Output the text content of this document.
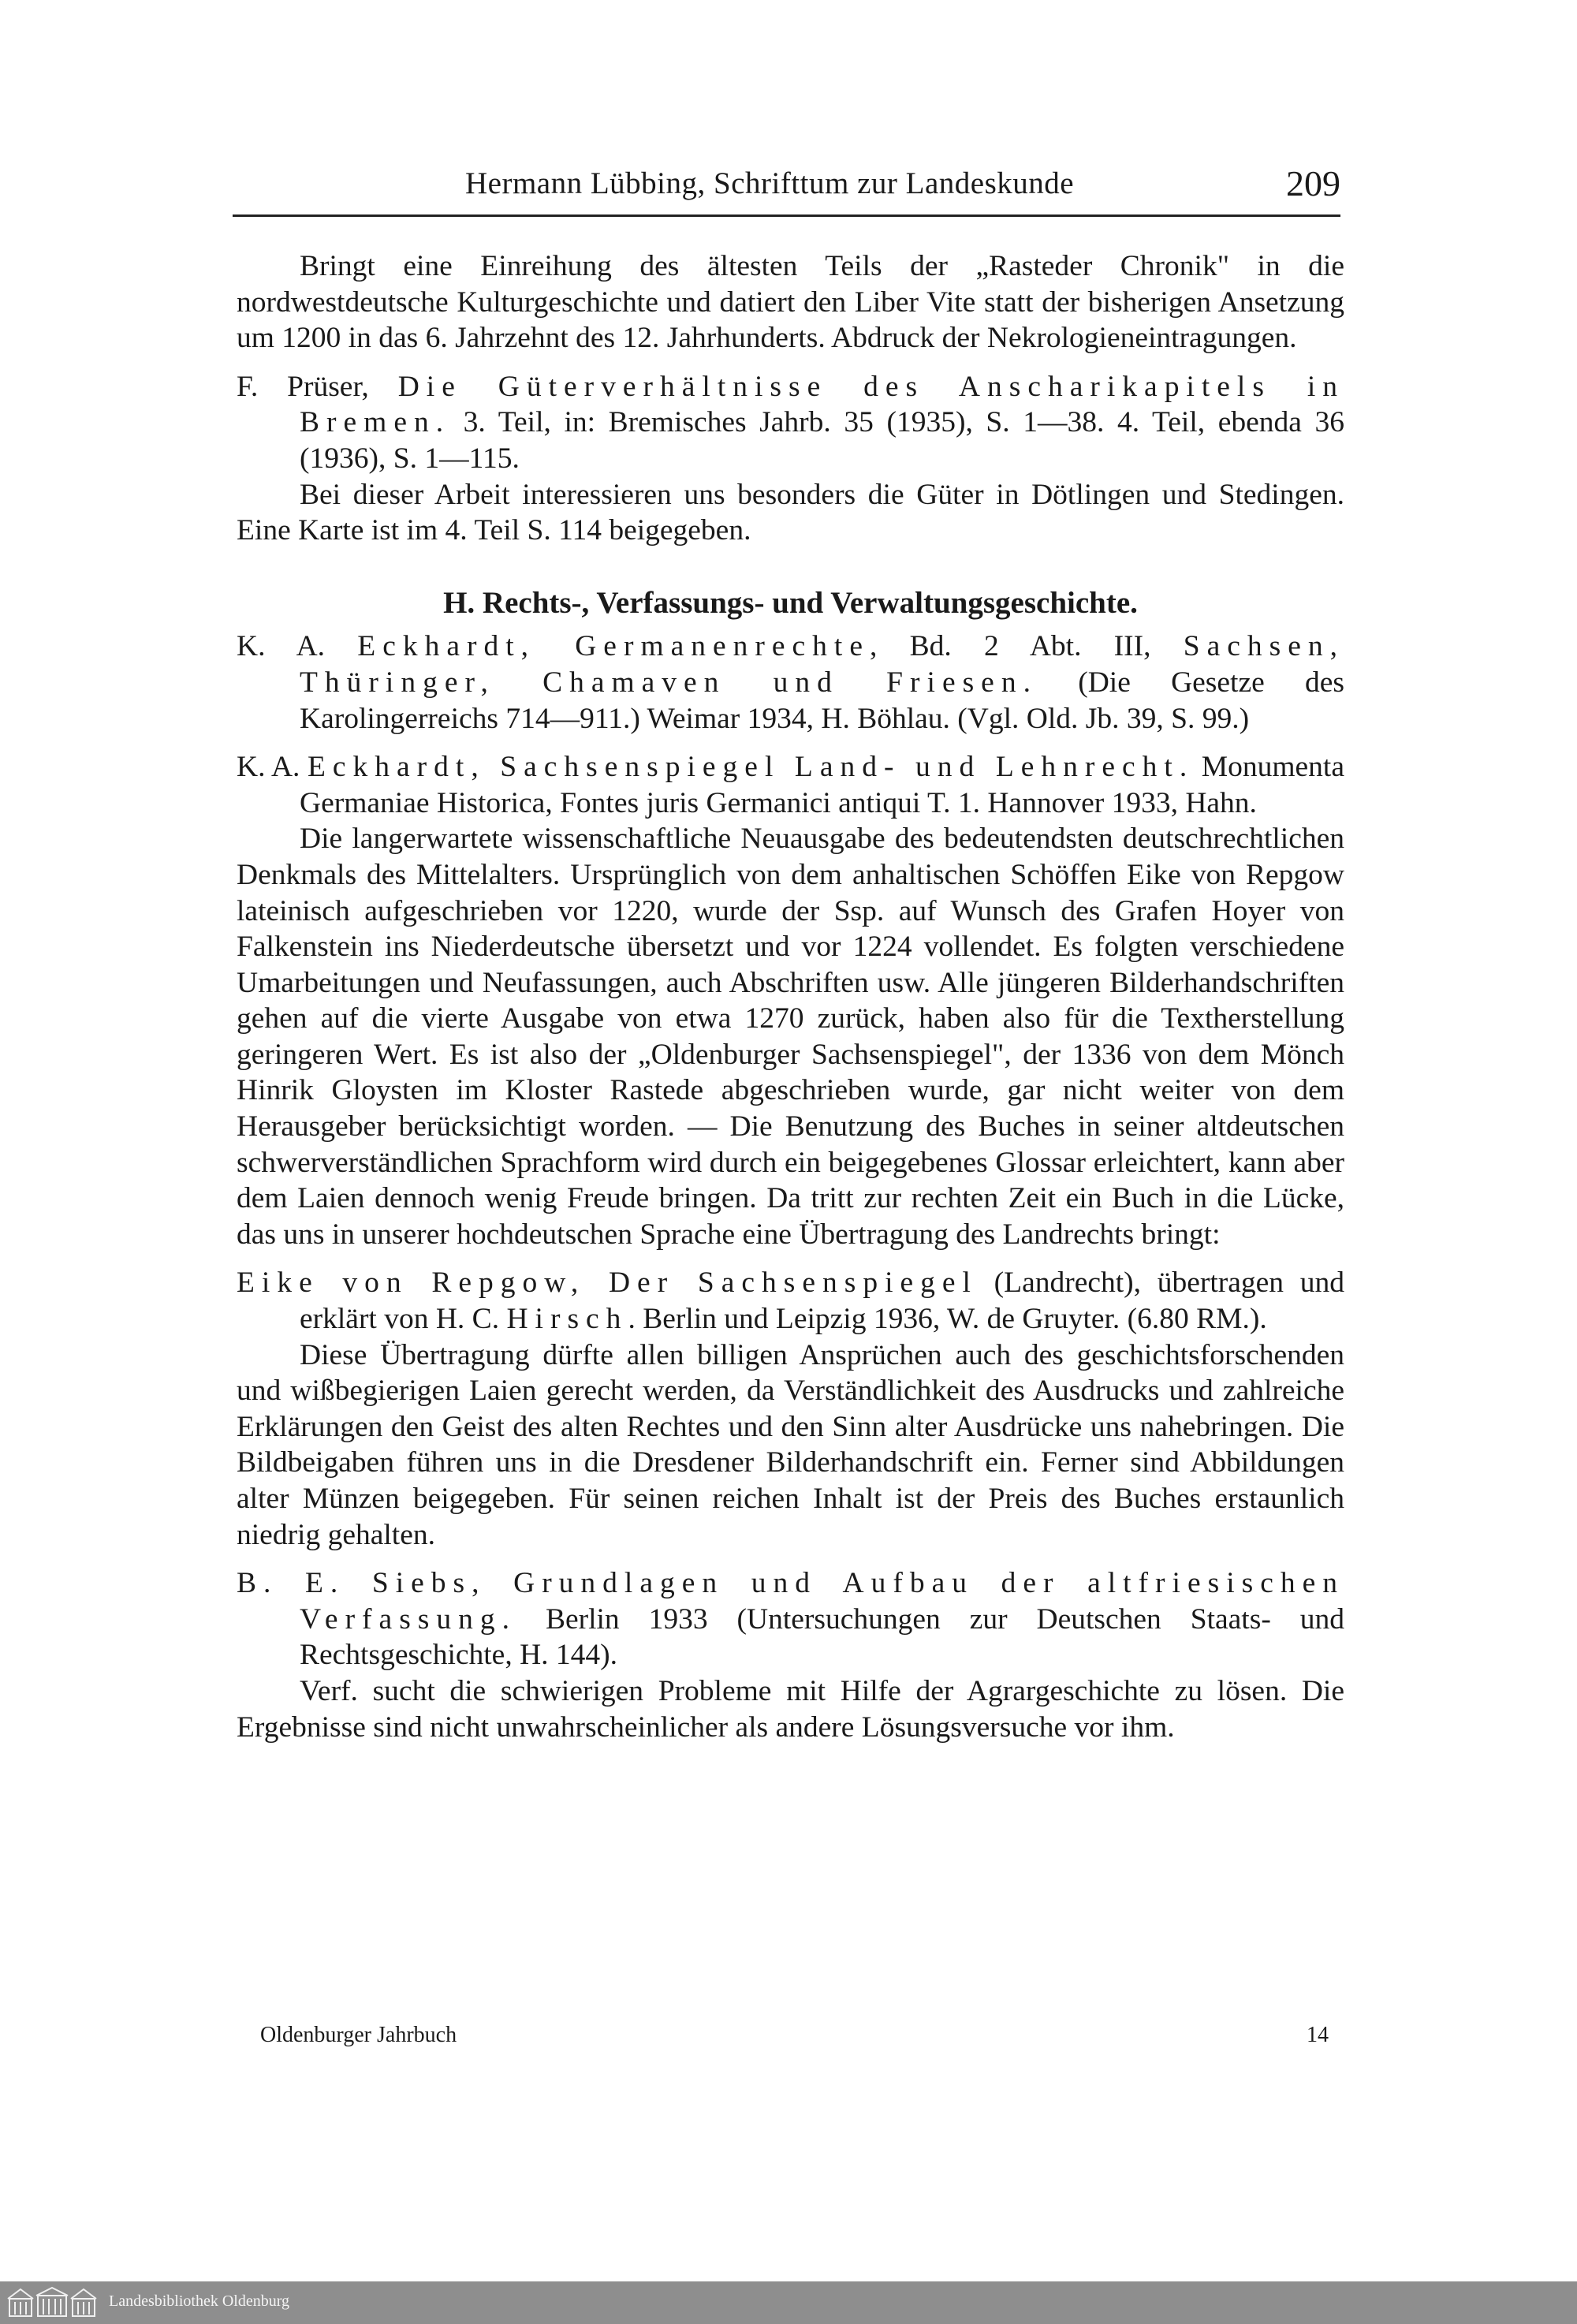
Hermann Lübbing, Schrifttum zur Landeskunde	209

Bringt eine Einreihung des ältesten Teils der „Rasteder Chronik" in die nordwestdeutsche Kulturgeschichte und datiert den Liber Vite statt der bisherigen Ansetzung um 1200 in das 6. Jahrzehnt des 12. Jahrhunderts. Abdruck der Nekrologieneintragungen.

F. Prüser, Die Güterverhältnisse des Anscharikapitels in Bremen. 3. Teil, in: Bremisches Jahrb. 35 (1935), S. 1—38. 4. Teil, ebenda 36 (1936), S. 1—115.

Bei dieser Arbeit interessieren uns besonders die Güter in Dötlingen und Stedingen. Eine Karte ist im 4. Teil S. 114 beigegeben.

H. Rechts-, Verfassungs- und Verwaltungsgeschichte.

K. A. Eckhardt, Germanenrechte, Bd. 2 Abt. III, Sachsen, Thüringer, Chamaven und Friesen. (Die Gesetze des Karolingerreichs 714—911.) Weimar 1934, H. Böhlau. (Vgl. Old. Jb. 39, S. 99.)

K. A. Eckhardt, Sachsenspiegel Land- und Lehnrecht. Monumenta Germaniae Historica, Fontes juris Germanici antiqui T. 1. Hannover 1933, Hahn.

Die langerwartete wissenschaftliche Neuausgabe des bedeutendsten deutschrechtlichen Denkmals des Mittelalters. Ursprünglich von dem anhaltischen Schöffen Eike von Repgow lateinisch aufgeschrieben vor 1220, wurde der Ssp. auf Wunsch des Grafen Hoyer von Falkenstein ins Niederdeutsche übersetzt und vor 1224 vollendet. Es folgten verschiedene Umarbeitungen und Neufassungen, auch Abschriften usw. Alle jüngeren Bilderhandschriften gehen auf die vierte Ausgabe von etwa 1270 zurück, haben also für die Textherstellung geringeren Wert. Es ist also der „Oldenburger Sachsenspiegel", der 1336 von dem Mönch Hinrik Gloysten im Kloster Rastede abgeschrieben wurde, gar nicht weiter von dem Herausgeber berücksichtigt worden. — Die Benutzung des Buches in seiner altdeutschen schwerverständlichen Sprachform wird durch ein beigegebenes Glossar erleichtert, kann aber dem Laien dennoch wenig Freude bringen. Da tritt zur rechten Zeit ein Buch in die Lücke, das uns in unserer hochdeutschen Sprache eine Übertragung des Landrechts bringt:

Eike von Repgow, Der Sachsenspiegel (Landrecht), übertragen und erklärt von H. C. Hirsch. Berlin und Leipzig 1936, W. de Gruyter. (6.80 RM.).

Diese Übertragung dürfte allen billigen Ansprüchen auch des geschichtsforschenden und wißbegierigen Laien gerecht werden, da Verständlichkeit des Ausdrucks und zahlreiche Erklärungen den Geist des alten Rechtes und den Sinn alter Ausdrücke uns nahebringen. Die Bildbeigaben führen uns in die Dresdener Bilderhandschrift ein. Ferner sind Abbildungen alter Münzen beigegeben. Für seinen reichen Inhalt ist der Preis des Buches erstaunlich niedrig gehalten.

B. E. Siebs, Grundlagen und Aufbau der altfriesischen Verfassung. Berlin 1933 (Untersuchungen zur Deutschen Staats- und Rechtsgeschichte, H. 144).

Verf. sucht die schwierigen Probleme mit Hilfe der Agrargeschichte zu lösen. Die Ergebnisse sind nicht unwahrscheinlicher als andere Lösungsversuche vor ihm.

Oldenburger Jahrbuch	14
Landesbibliothek Oldenburg
